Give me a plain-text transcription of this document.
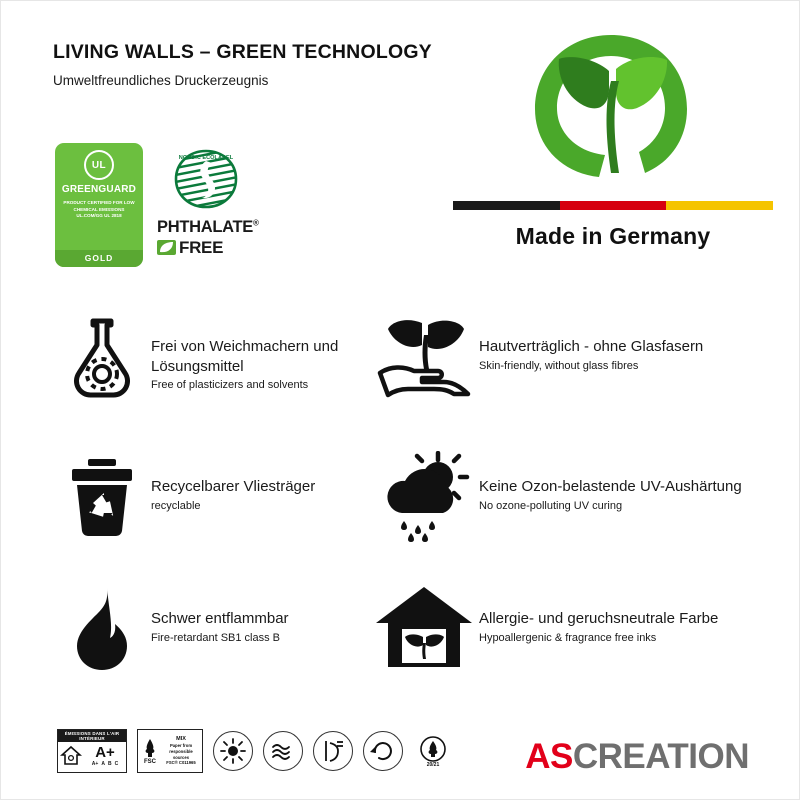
LIVING WALLS – GREEN TECHNOLOGY
Umweltfreundliches Druckerzeugnis
UL
GREENGUARD
PRODUCT CERTIFIED FOR LOW CHEMICAL EMISSIONS UL.COM/GG UL 2818
GOLD
NORDIC ECOLABEL
PHTHALATE®
FREE	Made in Germany
Frei von Weichmachern und Lösungsmittel
Free of plasticizers and solvents
Hautverträglich - ohne Glasfasern
Skin-friendly, without glass fibres
Recycelbarer Vliesträger
recyclable
Keine Ozon-belastende UV-Aushärtung
No ozone-polluting UV curing
Schwer entflammbar
Fire-retardant SB1 class B
Allergie- und geruchsneutrale Farbe
Hypoallergenic & fragrance free inks
ÉMISSIONS DANS L'AIR INTÉRIEUR
A+
A+ A B C	FSC
MIX
Paper from responsible sources
FSC® C011965	20/21 ASCREATION
